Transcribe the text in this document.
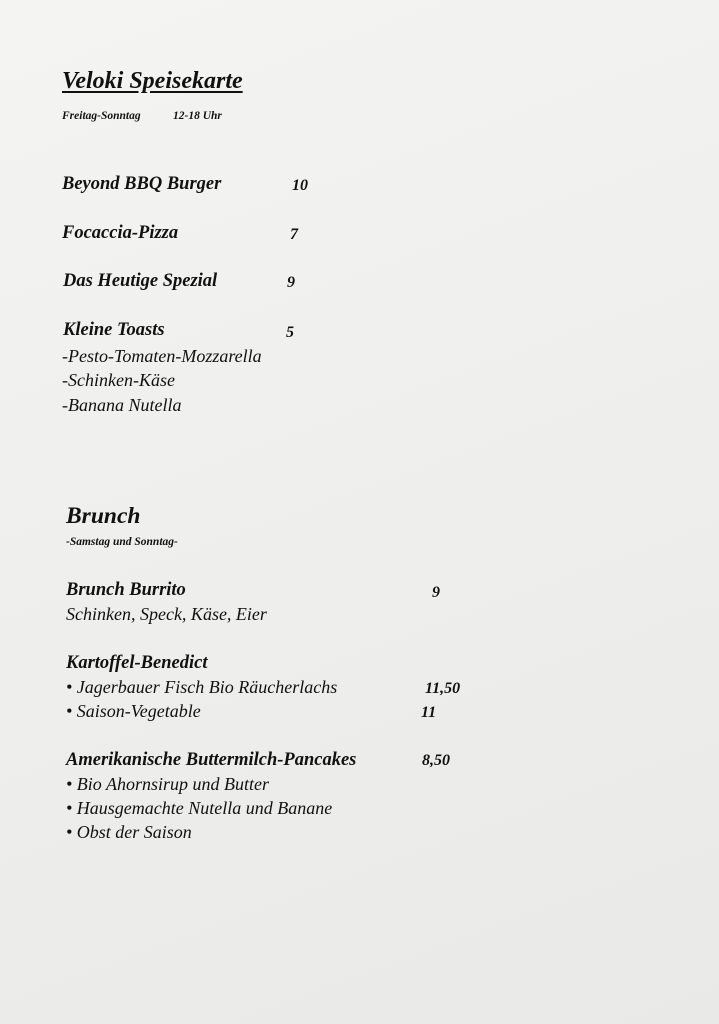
Veloki Speisekarte
Freitag-Sonntag	12-18 Uhr
Beyond BBQ Burger	10
Focaccia-Pizza	7
Das Heutige Spezial	9
Kleine Toasts	5
-Pesto-Tomaten-Mozzarella
-Schinken-Käse
-Banana Nutella
Brunch
-Samstag und Sonntag-
Brunch Burrito	9
Schinken, Speck, Käse, Eier
Kartoffel-Benedict
• Jagerbauer Fisch Bio Räucherlachs	11,50
• Saison-Vegetable	11
Amerikanische Buttermilch-Pancakes	8,50
• Bio Ahornsirup und Butter
• Hausgemachte Nutella und Banane
• Obst der Saison
